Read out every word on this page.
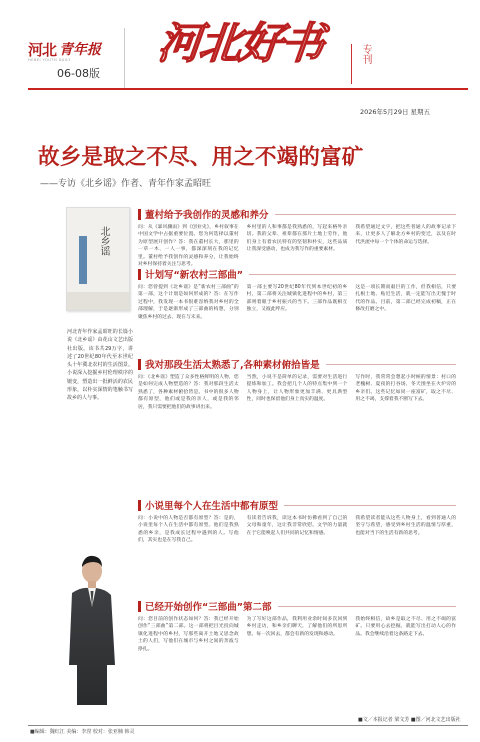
河北 青年报
HEBEI YOUTH DAILY
06-08版
河北好书	专刊
2026年5月29日 星期五
故乡是取之不尽、用之不竭的富矿
——专访《北乡谣》作者、青年作家孟昭旺
北乡谣
河北青年作家孟昭旺的长篇小说《北乡谣》由花山文艺出版社出版。该书共29万字，讲述了20世纪80年代至本世纪头十年冀北农村的生活图景。小说深入挖掘乡村伦理秩序的嬗变，塑造出一批鲜活的农民形象，以朴实深情的笔触书写故乡的人与事。
董村给予我创作的灵感和养分
问：从《暴风骤雨》到《创业史》，乡村叙事在中国文学中占据重要位置。您为何选择以董村为原型展开创作？答：我在董村长大，那里的一草一木、一人一事，都深深刻在我的记忆里。董村给予我创作的灵感和养分，让我始终对乡村保持着关注与思考。
乡村里的人和事都是我熟悉的，写起来格外亲切。我的父辈、祖辈都在那片土地上劳作，他们身上有着农民特有的坚韧和朴实，这些品质让我深受感动，也成为我写作的重要素材。
我希望通过文字，把这些普通人的故事记录下来，让更多人了解北方乡村的变迁，以及在时代洪流中每一个个体的命运与选择。
计划写“新农村三部曲”
问：您曾提到《北乡谣》是“新农村三部曲”的第一部，这个计划是如何形成的？答：在写作过程中，我发现一本书很难容纳我对乡村的全部理解，于是逐渐形成了三部曲的构想，分别聚焦乡村的过去、现在与未来。
第一部主要写20世纪80年代到本世纪初的乡村，第二部将关注城镇化进程中的乡村，第三部则着眼于乡村振兴的当下。三部作品既相互独立，又彼此呼应。
这是一项长期而艰巨的工作，但我相信，只要扎根土地、贴近生活，就一定能写出无愧于时代的作品。目前，第二部已经完成初稿，正在修改打磨之中。
我对那段生活太熟悉了,各种素材俯拾皆是
问：《北乡谣》塑造了众多性格鲜明的人物，您是如何完成人物塑造的？答：我对那段生活太熟悉了，各种素材俯拾皆是。书中的很多人物都有原型，他们或是我的亲人，或是我的邻居，我只需要把他们的故事讲出来。
当然，小说不是简单的记录，需要对生活进行提炼和加工。我会把几个人的特点集中到一个人物身上，让人物形象更加丰满、更具典型性，同时也保留他们身上真实的温度。
写作时，我常常会想起小时候的情景：村口的老槐树、夏夜的打谷场、冬天围坐在火炉旁的乡亲们。这些记忆如同一座富矿，取之不尽、用之不竭，支撑着我不断写下去。
小说里每个人在生活中都有原型
问：小说中的人物是否都有原型？答：是的，小说里每个人在生活中都有原型。他们是我熟悉的乡亲，是我成长过程中遇到的人。写他们，其实也是在写我自己。
有读者告诉我，读这本书时仿佛看到了自己的父母和童年，这让我非常欣慰。文学的力量就在于它能唤起人们共同的记忆和情感。
我希望读者能从这些人物身上，看到普通人的坚守与希望，感受到乡村生活的温情与厚重，也能对当下的生活有新的思考。
已经开始创作“三部曲”第二部
问：您目前的创作状态如何？答：我已经开始创作“三部曲”第二部。这一部将把目光投向城镇化进程中的乡村，写那些离开土地又思念故土的人们，写他们在城市与乡村之间的奔波与挣扎。
为了写好这部作品，我利用业余时间多次回到乡村走访，和乡亲们聊天，了解他们的所思所想。每一次回去，都会有新的发现和感动。
我始终相信，故乡是取之不尽、用之不竭的富矿。只要用心去挖掘，就能写出打动人心的作品。我会继续沿着这条路走下去。
■文／本报记者 梁文芳 ■图／河北文艺出版社
■编辑：魏红江 美编：李滢 校对：张亚楠 韩灵
